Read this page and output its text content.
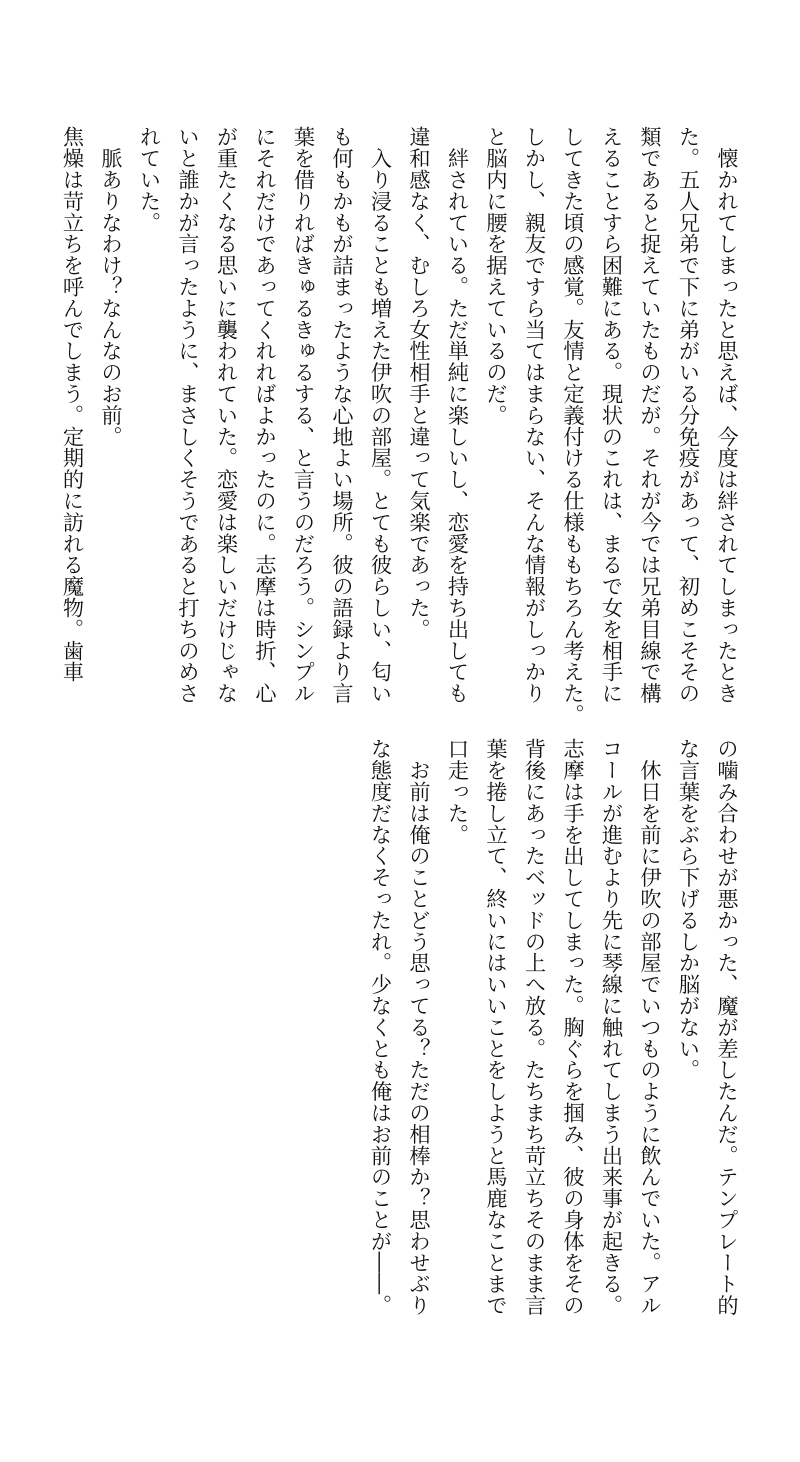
　懐かれてしまったと思えば、今度は絆されてしまったとき
た。五人兄弟で下に弟がいる分免疫があって、初めこそその
類であると捉えていたものだが。それが今では兄弟目線で構
えることすら困難にある。現状のこれは、まるで女を相手に
してきた頃の感覚。友情と定義付ける仕様ももちろん考えた。
しかし、親友ですら当てはまらない、そんな情報がしっかり
と脳内に腰を据えているのだ。
　絆されている。ただ単純に楽しいし、恋愛を持ち出しても
違和感なく、むしろ女性相手と違って気楽であった。
　入り浸ることも増えた伊吹の部屋。とても彼らしい、匂い
も何もかもが詰まったような心地よい場所。彼の語録より言
葉を借りればきゅるきゅるする、と言うのだろう。シンプル
にそれだけであってくれればよかったのに。志摩は時折、心
が重たくなる思いに襲われていた。恋愛は楽しいだけじゃな
いと誰かが言ったように、まさしくそうであると打ちのめさ
れていた。
　脈ありなわけ？なんなのお前。
焦燥は苛立ちを呼んでしまう。定期的に訪れる魔物。歯車
の噛み合わせが悪かった、魔が差したんだ。テンプレート的
な言葉をぶら下げるしか脳がない。
　休日を前に伊吹の部屋でいつものように飲んでいた。アル
コールが進むより先に琴線に触れてしまう出来事が起きる。
志摩は手を出してしまった。胸ぐらを掴み、彼の身体をその
背後にあったベッドの上へ放る。たちまち苛立ちそのまま言
葉を捲し立て、終いにはいいことをしようと馬鹿なことまで
口走った。
　お前は俺のことどう思ってる？ただの相棒か？思わせぶり
な態度だなくそったれ。少なくとも俺はお前のことが――。
